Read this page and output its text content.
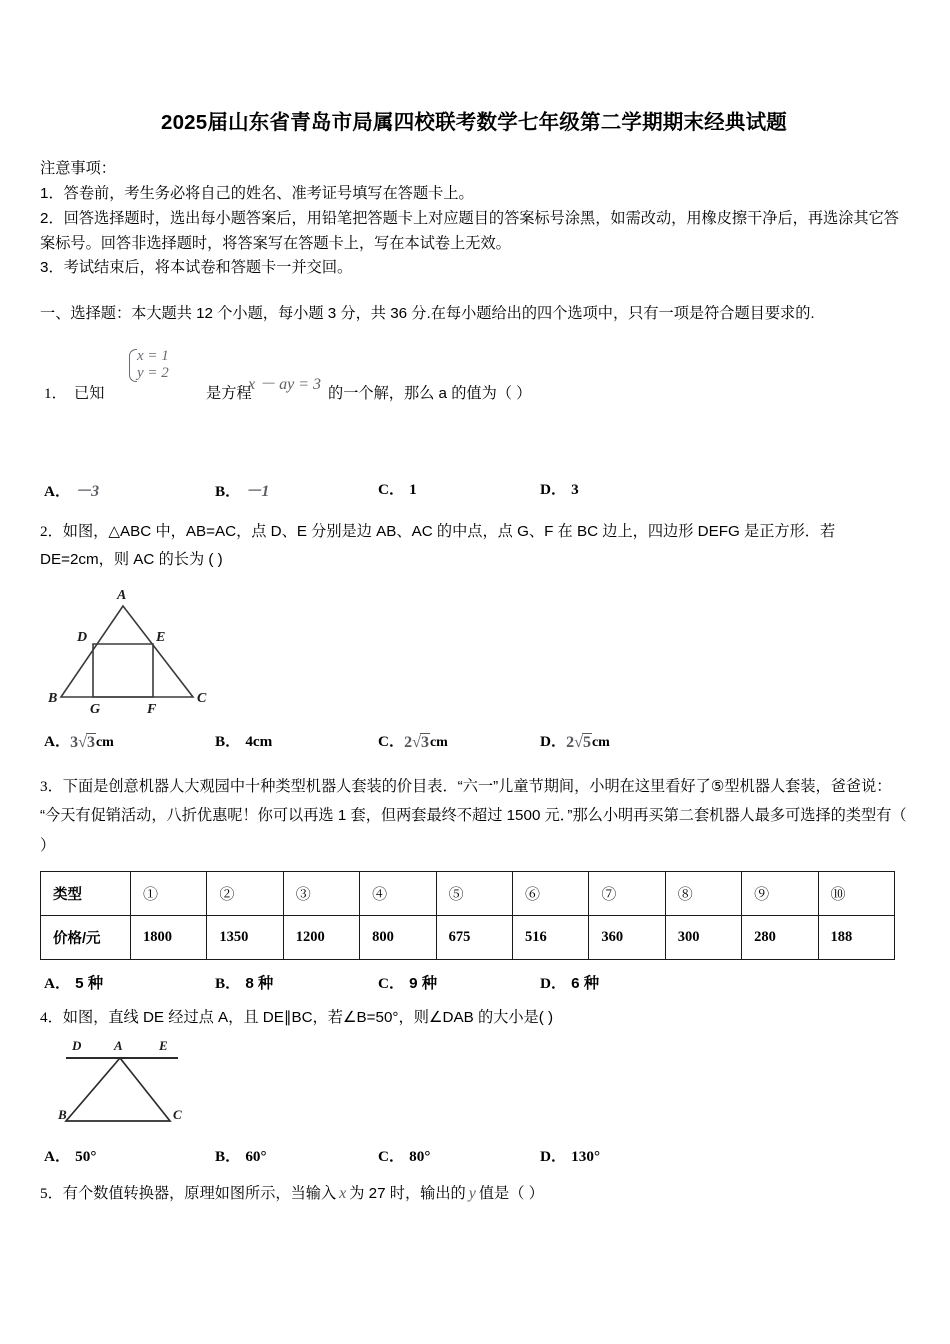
2025届山东省青岛市局属四校联考数学七年级第二学期期末经典试题

注意事项：

1．答卷前，考生务必将自己的姓名、准考证号填写在答题卡上。

2．回答选择题时，选出每小题答案后，用铅笔把答题卡上对应题目的答案标号涂黑，如需改动，用橡皮擦干净后，再选涂其它答案标号。回答非选择题时，将答案写在答题卡上，写在本试卷上无效。

3．考试结束后，将本试卷和答题卡一并交回。

一、选择题：本大题共 12 个小题，每小题 3 分，共 36 分.在每小题给出的四个选项中，只有一项是符合题目要求的.
1． 已知
x = 1
y = 2
是方程
x － ay = 3
的一个解，那么 a 的值为（ ）
A． －3	B． －1	C． 1	D． 3
2．如图，△ABC 中，AB=AC，点 D、E 分别是边 AB、AC 的中点，点 G、F 在 BC 边上，四边形 DEFG 是正方形．若 DE=2cm，则 AC 的长为 ( )
A
D	E
B
G	F
C
A．3√3cm	B． 4cm	C．2√3cm	D．2√5cm
3．下面是创意机器人大观园中十种类型机器人套装的价目表．“六一”儿童节期间，小明在这里看好了⑤型机器人套装，爸爸说：“今天有促销活动，八折优惠呢！你可以再选 1 套，但两套最终不超过 1500 元．”那么小明再买第二套机器人最多可选择的类型有（ ）
类型	①	②	③	④	⑤	⑥	⑦	⑧	⑨	⑩
价格/元	1800	1350	1200	800	675	516	360	300	280	188
A． 5 种	B． 8 种	C． 9 种	D． 6 种
4．如图，直线 DE 经过点 A，且 DE∥BC，若∠B=50°，则∠DAB 的大小是( )
D	A	E
B	C
A． 50°	B． 60°	C． 80°	D． 130°
5．有个数值转换器，原理如图所示，当输入 x 为 27 时，输出的 y 值是（ ）
